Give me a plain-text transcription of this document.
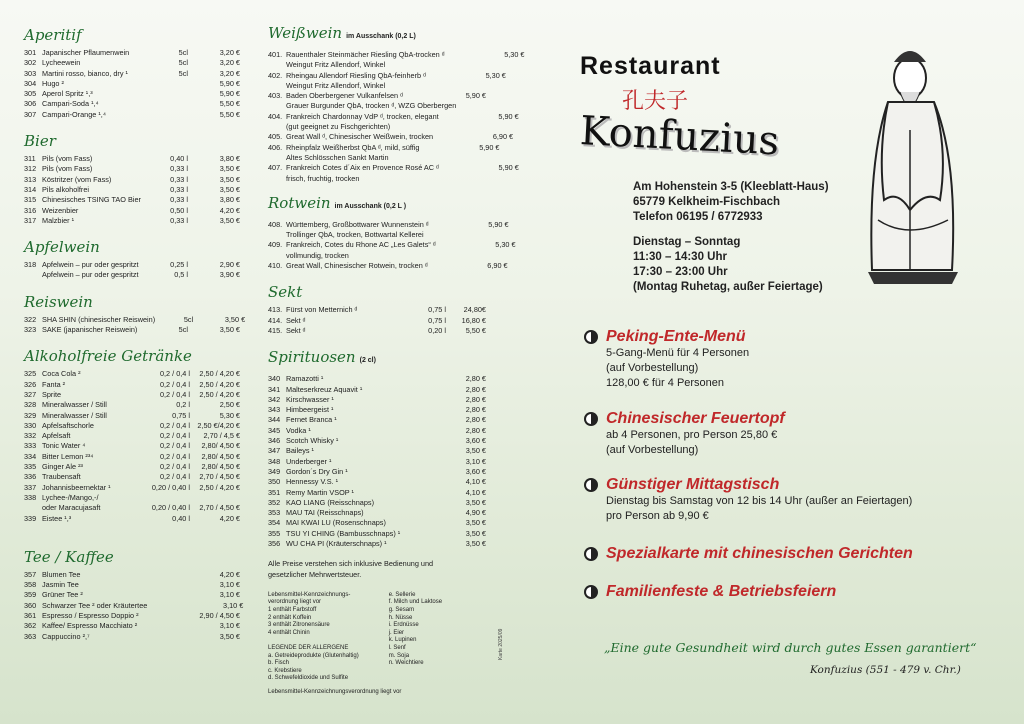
Aperitif
301 Japanischer Pflaumenwein	5cl	3,20 €
302 Lycheewein	5cl	3,20 €
303 Martini rosso, bianco, dry ¹	5cl	3,20 €
304 Hugo ²	5,90 €
305 Aperol Spritz ¹,³	5,90 €
306 Campari-Soda ¹,⁴	5,50 €
307 Campari-Orange ¹,⁴	5,50 €
Bier
311 Pils (vom Fass)	0,40 l	3,80 €
312 Pils (vom Fass)	0,33 l	3,50 €
313 Köstritzer (vom Fass)	0,33 l	3,50 €
314 Pils alkoholfrei	0,33 l	3,50 €
315 Chinesisches TSING TAO Bier	0,33 l	3,80 €
316 Weizenbier	0,50 l	4,20 €
317 Malzbier ¹	0,33 l	3,50 €
Apfelwein
318 Apfelwein – pur oder gespritzt	0,25 l	2,90 €
Apfelwein – pur oder gespritzt	0,5 l	3,90 €
Reiswein
322 SHA SHIN (chinesischer Reiswein)	5cl	3,50 €
323 SAKE (japanischer Reiswein)	5cl	3,50 €
Alkoholfreie Getränke
325 Coca Cola ²	0,2 / 0,4 l	2,50 / 4,20 €
326 Fanta ²	0,2 / 0,4 l	2,50 / 4,20 €
327 Sprite	0,2 / 0,4 l	2,50 / 4,20 €
328 Mineralwasser / Still	0,2 l	2,50 €
329 Mineralwasser / Still	0,75 l	5,30 €
330 Apfelsaftschorle	0,2 / 0,4 l	2,50 €/4,20 €
332 Apfelsaft	0,2 / 0,4 l	2,70 / 4,5 €
333 Tonic Water ⁴	0,2 / 0,4 l	2,80/ 4,50 €
334 Bitter Lemon ²³⁴	0,2 / 0,4 l	2,80/ 4,50 €
335 Ginger Ale ²³	0,2 / 0,4 l	2,80/ 4,50 €
336 Traubensaft	0,2 / 0,4 l	2,70 / 4,50 €
337 Johannisbeernektar ¹	0,20 / 0,40 l	2,50 / 4,20 €
338 Lychee-/Mango,-/
oder Maracujasaft	0,20 / 0,40 l	2,70 / 4,50 €
339 Eistee ¹,³	0,40 l	4,20 €
Tee / Kaffee
357 Blumen Tee	4,20 €
358 Jasmin Tee	3,10 €
359 Grüner Tee ²	3,10 €
360 Schwarzer Tee ² oder Kräutertee	3,10 €
361 Espresso / Espresso Doppio ²	2,90 / 4,50 €
362 Kaffee/ Espresso Macchiato ²	3,10 €
363 Cappuccino ²,⁷	3,50 €
Weißwein im Ausschank (0,2 L)
401. Rauenthaler Steinmächer Riesling QbA-trocken ᵈ	5,30 €
Weingut Fritz Allendorf, Winkel
402. Rheingau Allendorf Riesling QbA-feinherb ᵈ	5,30 €
Weingut Fritz Allendorf, Winkel
403. Baden Oberbergener Vulkanfelsen ᵈ	5,90 €
Grauer Burgunder QbA, trocken ᵈ, WZG Oberbergen
404. Frankreich Chardonnay VdP ᵈ, trocken, elegant	5,90 €
(gut geeignet zu Fischgerichten)
405. Great Wall ᵈ, Chinesischer Weißwein, trocken	6,90 €
406. Rheinpfalz Weißherbst QbA ᵈ, mild, süffig	5,90 €
Altes Schlösschen Sankt Martin
407. Frankreich Cotes d´Aix en Provence Rosé AC ᵈ	5,90 €
frisch, fruchtig, trocken
Rotwein im Ausschank (0,2 L )
408. Württemberg, Großbottwarer Wunnenstein ᵈ	5,90 €
Trollinger QbA, trocken, Bottwartal Kellerei
409. Frankreich, Cotes du Rhone AC „Les Galets“ ᵈ	5,30 €
vollmundig, trocken
410. Great Wall, Chinesischer Rotwein, trocken ᵈ	6,90 €
Sekt
413. Fürst von Metternich ᵈ	0,75 l	24,80€
414. Sekt ᵈ	0,75 l	16,80 €
415. Sekt ᵈ	0,20 l	5,50 €
Spirituosen (2 cl)
340 Ramazotti ¹	2,80 €
341 Malteserkreuz Aquavit ¹	2,80 €
342 Kirschwasser ¹	2,80 €
343 Himbeergeist ¹	2,80 €
344 Fernet Branca ¹	2,80 €
345 Vodka ¹	2,80 €
346 Scotch Whisky ¹	3,60 €
347 Baileys ¹	3,50 €
348 Underberger ¹	3,10 €
349 Gordon´s Dry Gin ¹	3,60 €
350 Hennessy V.S. ¹	4,10 €
351 Remy Martin VSOP ¹	4,10 €
352 KAO LIANG (Reisschnaps)	3,50 €
353 MAU TAI (Reisschnaps)	4,90 €
354 MAI KWAI LU (Rosenschnaps)	3,50 €
355 TSU YI CHING (Bambusschnaps) ¹	3,50 €
356 WU CHA PI (Kräuterschnaps) ¹	3,50 €
Alle Preise verstehen sich inklusive Bedienung und gesetzlicher Mehrwertsteuer.
Lebensmittel-Kennzeichnungs-
verordnung liegt vor
1 enthält Farbstoff
2 enthält Koffein
3 enthält Zitronensäure
4 enthält Chinin

LEGENDE DER ALLERGENE
a. Getreideprodukte (Glutenhaltig)
b. Fisch
c. Krebstiere
d. Schwefeldioxide und Sulfite
e. Sellerie
f. Milch und Laktose
g. Sesam
h. Nüsse
i. Erdnüsse
j. Eier
k. Lupinen
l. Senf
m. Soja
n. Weichtiere
Lebensmittel-Kennzeichnungsverordnung liegt vor
Karte 2025/09
Restaurant
孔夫子
Konfuzius
Am Hohenstein 3-5 (Kleeblatt-Haus)
65779 Kelkheim-Fischbach
Telefon 06195 / 6772933
Dienstag – Sonntag
11:30 – 14:30 Uhr
17:30 – 23:00 Uhr
(Montag Ruhetag, außer Feiertage)
Peking-Ente-Menü
5-Gang-Menü für 4 Personen
(auf Vorbestellung)
128,00 € für 4 Personen
Chinesischer Feuertopf
ab 4 Personen, pro Person 25,80 €
(auf Vorbestellung)
Günstiger Mittagstisch
Dienstag bis Samstag von 12 bis 14 Uhr (außer an Feiertagen)
pro Person ab 9,90 €
Spezialkarte mit chinesischen Gerichten
Familienfeste & Betriebsfeiern
„Eine gute Gesundheit wird durch gutes Essen garantiert“
Konfuzius (551 - 479 v. Chr.)
